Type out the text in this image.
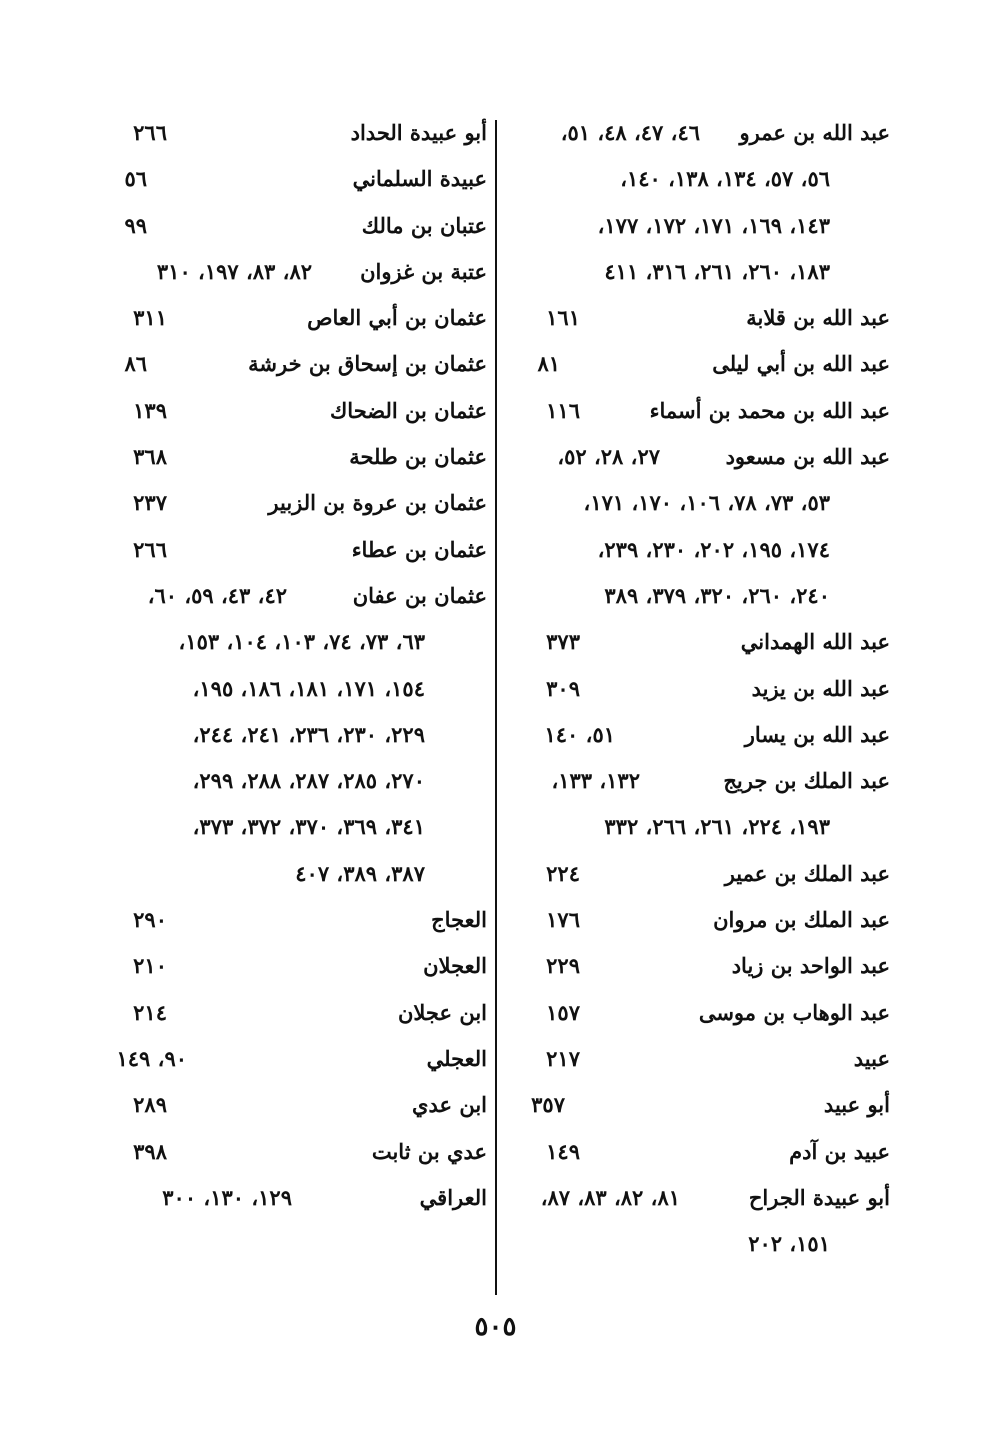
عبد الله بن عمرو
٤٦، ٤٧، ٤٨، ٥١،
٥٦، ٥٧، ١٣٤، ١٣٨، ١٤٠،
١٤٣، ١٦٩، ١٧١، ١٧٢، ١٧٧،
١٨٣، ٢٦٠، ٢٦١، ٣١٦، ٤١١
عبد الله بن قلابة
١٦١
عبد الله بن أبي ليلى
٨١
عبد الله بن محمد بن أسماء
١١٦
عبد الله بن مسعود
٢٧، ٢٨، ٥٢،
٥٣، ٧٣، ٧٨، ١٠٦، ١٧٠، ١٧١،
١٧٤، ١٩٥، ٢٠٢، ٢٣٠، ٢٣٩،
٢٤٠، ٢٦٠، ٣٢٠، ٣٧٩، ٣٨٩
عبد الله الهمداني
٣٧٣
عبد الله بن يزيد
٣٠٩
عبد الله بن يسار
٥١، ١٤٠
عبد الملك بن جريج
١٣٢، ١٣٣،
١٩٣، ٢٢٤، ٢٦١، ٢٦٦، ٣٣٢
عبد الملك بن عمير
٢٢٤
عبد الملك بن مروان
١٧٦
عبد الواحد بن زياد
٢٢٩
عبد الوهاب بن موسى
١٥٧
عبيد
٢١٧
أبو عبيد
٣٥٧
عبيد بن آدم
١٤٩
أبو عبيدة الجراح
٨١، ٨٢، ٨٣، ٨٧،
١٥١، ٢٠٢
أبو عبيدة الحداد
٢٦٦
عبيدة السلماني
٥٦
عتبان بن مالك
٩٩
عتبة بن غزوان
٨٢، ٨٣، ١٩٧، ٣١٠
عثمان بن أبي العاص
٣١١
عثمان بن إسحاق بن خرشة
٨٦
عثمان بن الضحاك
١٣٩
عثمان بن طلحة
٣٦٨
عثمان بن عروة بن الزبير
٢٣٧
عثمان بن عطاء
٢٦٦
عثمان بن عفان
٤٢، ٤٣، ٥٩، ٦٠،
٦٣، ٧٣، ٧٤، ١٠٣، ١٠٤، ١٥٣،
١٥٤، ١٧١، ١٨١، ١٨٦، ١٩٥،
٢٢٩، ٢٣٠، ٢٣٦، ٢٤١، ٢٤٤،
٢٧٠، ٢٨٥، ٢٨٧، ٢٨٨، ٢٩٩،
٣٤١، ٣٦٩، ٣٧٠، ٣٧٢، ٣٧٣،
٣٨٧، ٣٨٩، ٤٠٧
العجاج
٢٩٠
العجلان
٢١٠
ابن عجلان
٢١٤
العجلي
٩٠، ١٤٩
ابن عدي
٢٨٩
عدي بن ثابت
٣٩٨
العراقي
١٢٩، ١٣٠، ٣٠٠
٥٠٥
